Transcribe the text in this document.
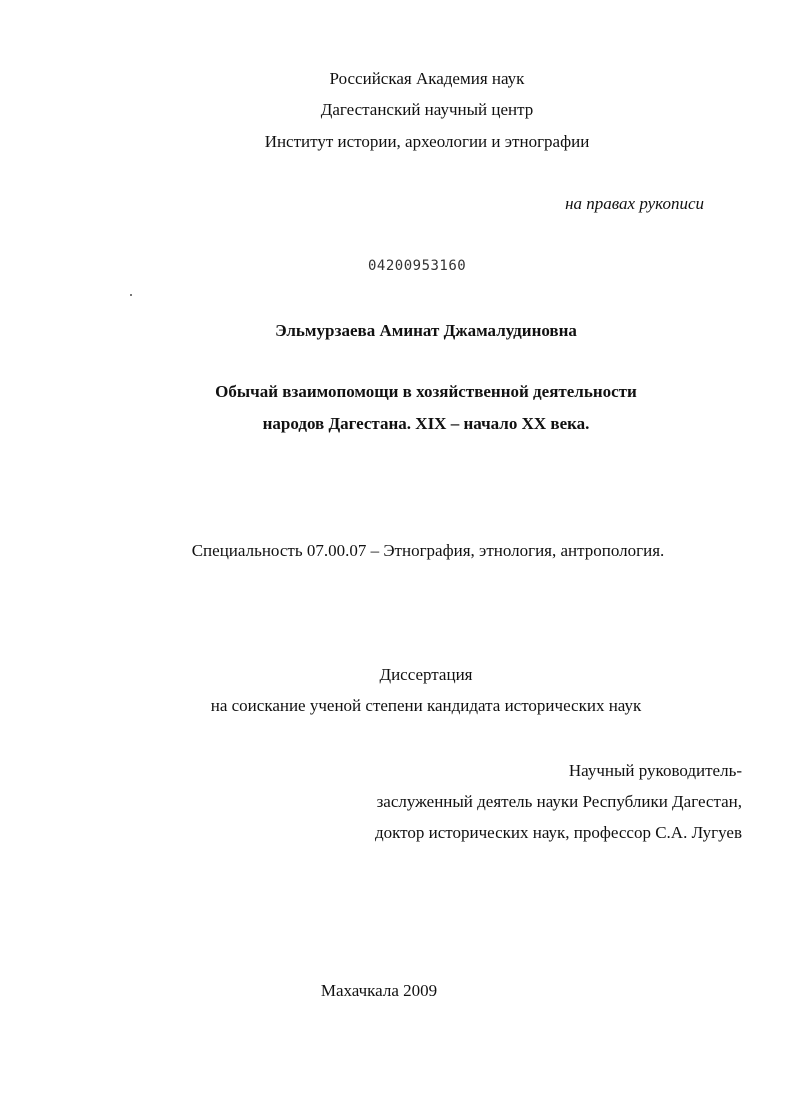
Российская Академия наук
Дагестанский научный центр
Институт истории, археологии и этнографии
на правах рукописи
04200953160
Эльмурзаева Аминат Джамалудиновна
Обычай взаимопомощи в хозяйственной деятельности
народов Дагестана. XIX – начало XX века.
Специальность 07.00.07 – Этнография, этнология, антропология.
Диссертация
на соискание ученой степени кандидата исторических наук
Научный руководитель-
заслуженный деятель науки Республики Дагестан,
доктор исторических наук, профессор С.А. Лугуев
Махачкала 2009
